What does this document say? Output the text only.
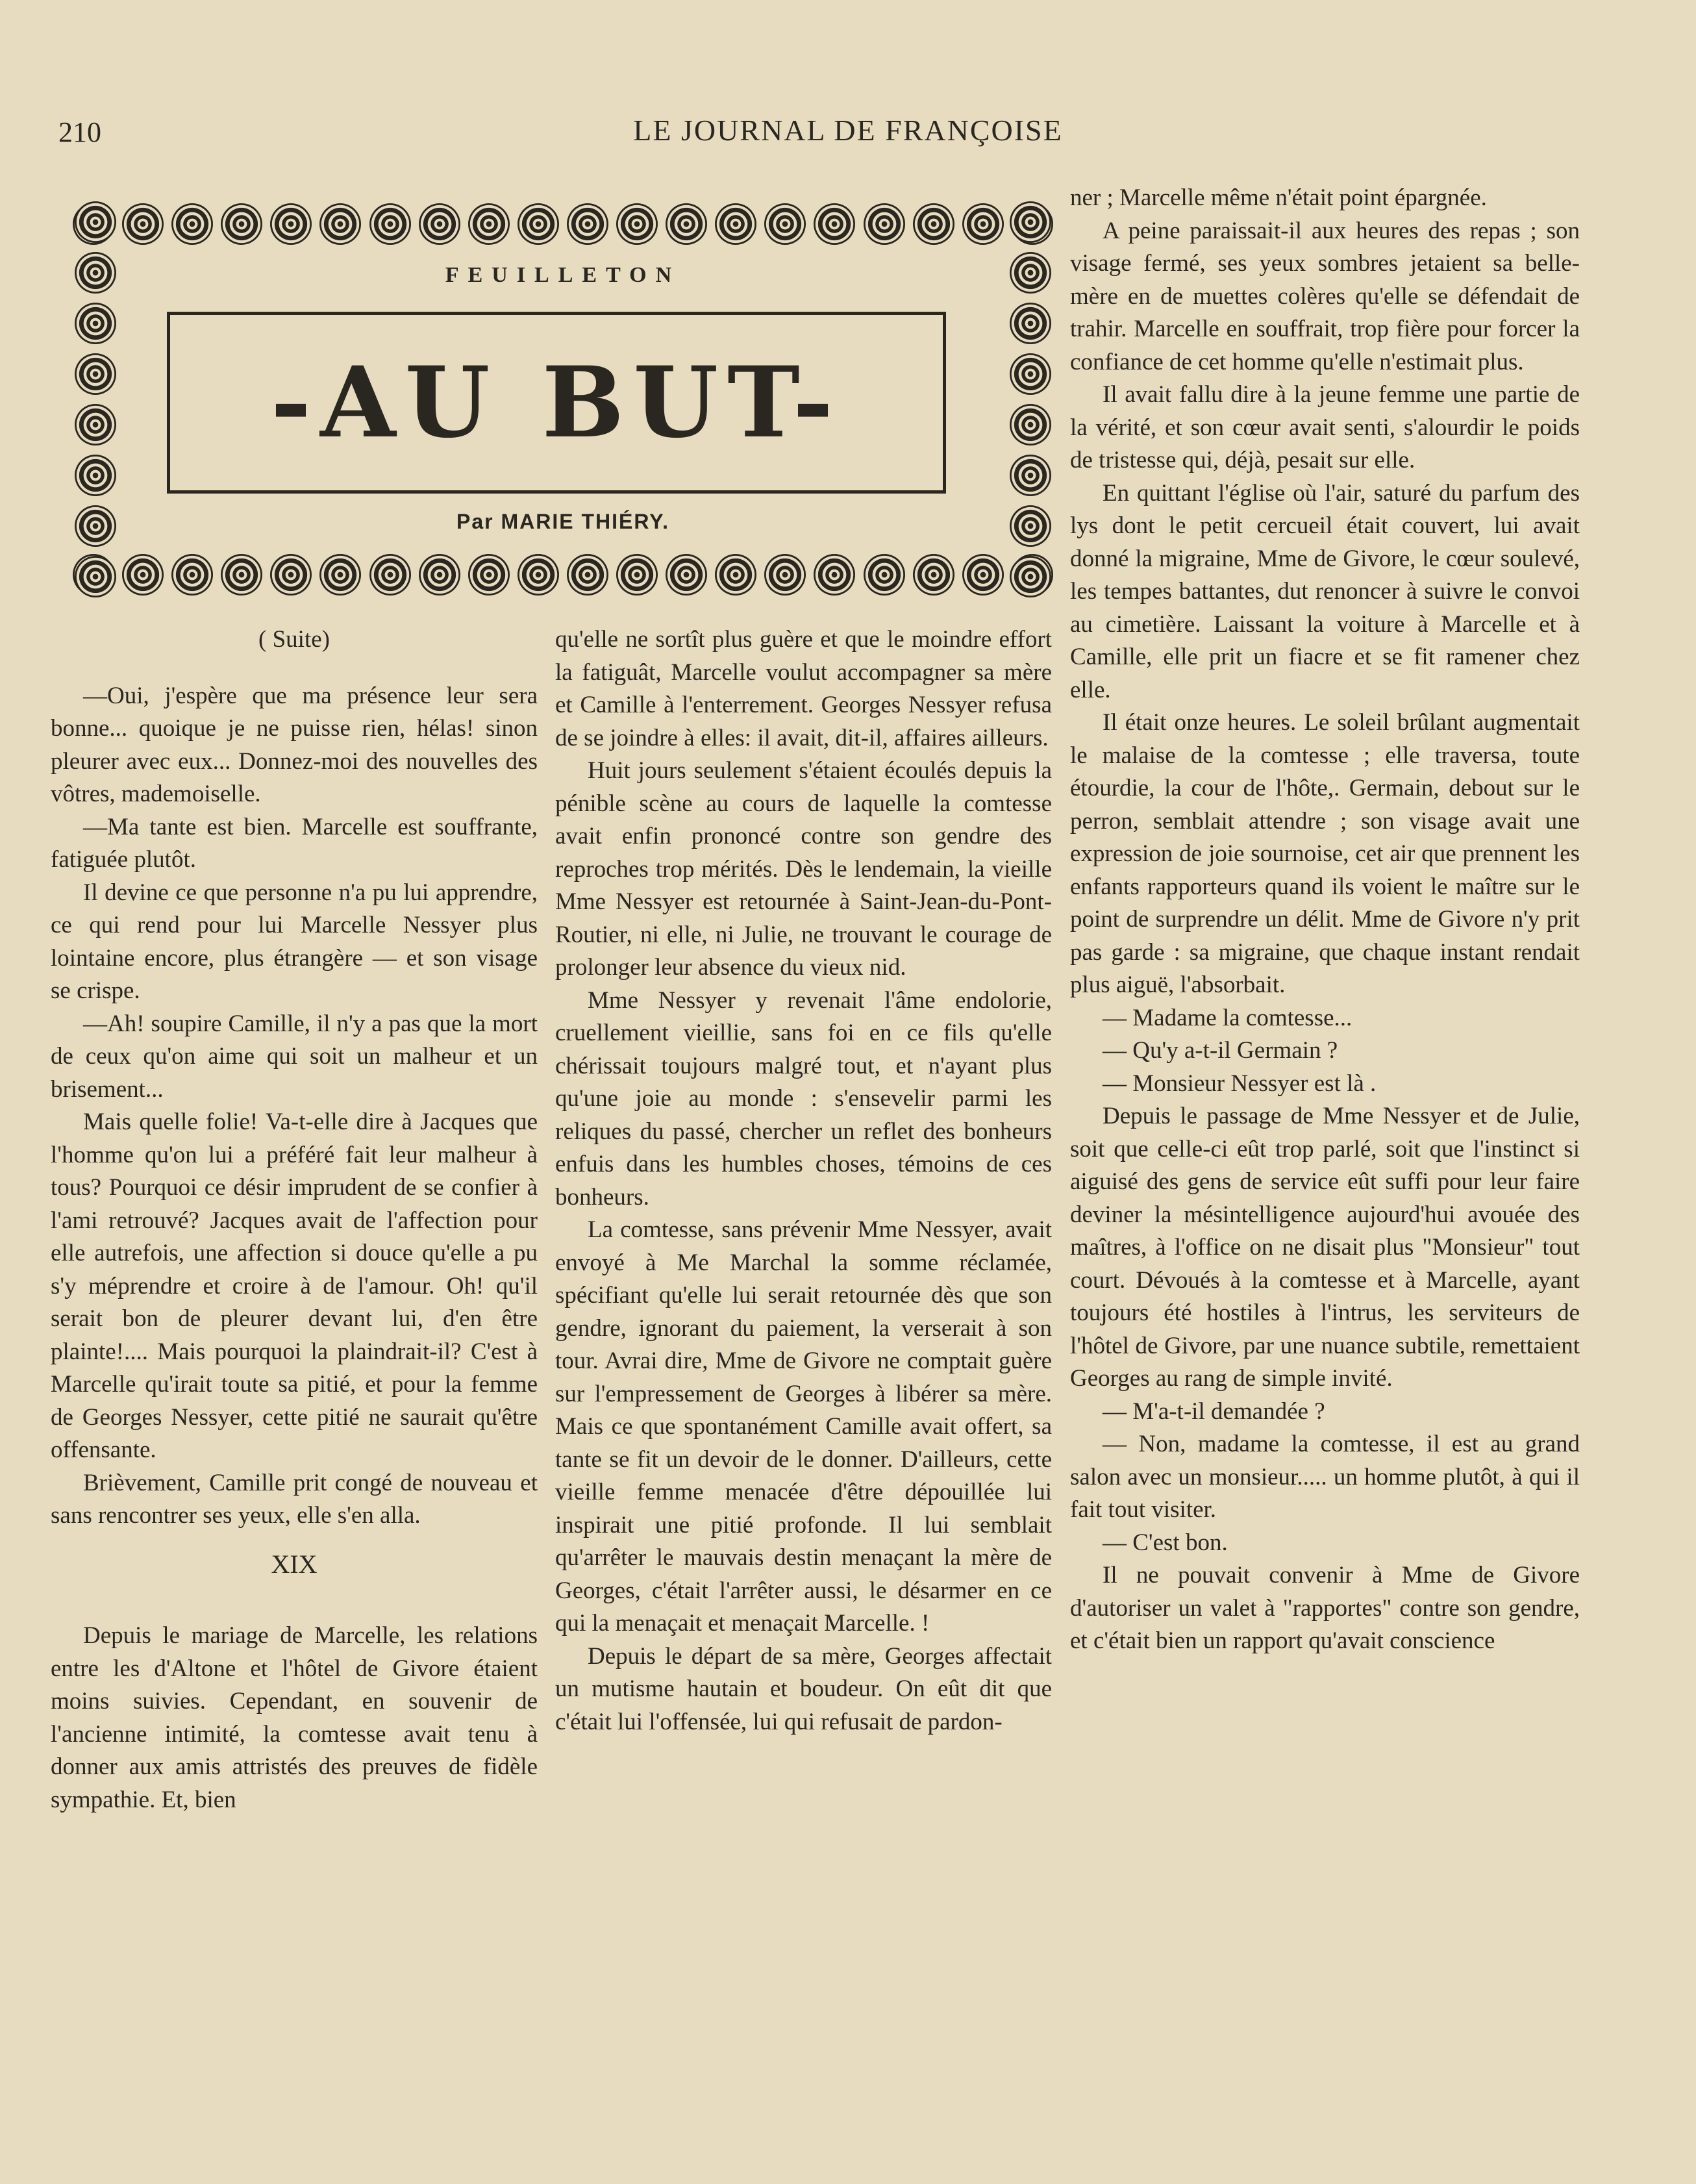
210	LE JOURNAL DE FRANÇOISE
FEUILLETON
-AU BUT-
Par MARIE THIÉRY.

( Suite)

—Oui, j'espère que ma présence leur sera bonne... quoique je ne puisse rien, hélas! sinon pleurer avec eux... Donnez-moi des nouvelles des vôtres, mademoiselle.

—Ma tante est bien. Marcelle est souffrante, fatiguée plutôt.

Il devine ce que personne n'a pu lui apprendre, ce qui rend pour lui Marcelle Nessyer plus lointaine encore, plus étrangère — et son visage se crispe.

—Ah! soupire Camille, il n'y a pas que la mort de ceux qu'on aime qui soit un malheur et un brisement...

Mais quelle folie! Va-t-elle dire à Jacques que l'homme qu'on lui a préféré fait leur malheur à tous? Pourquoi ce désir imprudent de se confier à l'ami retrouvé? Jacques avait de l'affection pour elle autrefois, une affection si douce qu'elle a pu s'y méprendre et croire à de l'amour. Oh! qu'il serait bon de pleurer devant lui, d'en être plainte!.... Mais pourquoi la plaindrait-il? C'est à Marcelle qu'irait toute sa pitié, et pour la femme de Georges Nessyer, cette pitié ne saurait qu'être offensante.

Brièvement, Camille prit congé de nouveau et sans rencontrer ses yeux, elle s'en alla.

XIX

Depuis le mariage de Marcelle, les relations entre les d'Altone et l'hôtel de Givore étaient moins suivies. Cependant, en souvenir de l'ancienne intimité, la comtesse avait tenu à donner aux amis attristés des preuves de fidèle sympathie. Et, bien

qu'elle ne sortît plus guère et que le moindre effort la fatiguât, Marcelle voulut accompagner sa mère et Camille à l'enterrement. Georges Nessyer refusa de se joindre à elles: il avait, dit-il, affaires ailleurs.

Huit jours seulement s'étaient écoulés depuis la pénible scène au cours de laquelle la comtesse avait enfin prononcé contre son gendre des reproches trop mérités. Dès le lendemain, la vieille Mme Nessyer est retournée à Saint-Jean-du-Pont-Routier, ni elle, ni Julie, ne trouvant le courage de prolonger leur absence du vieux nid.

Mme Nessyer y revenait l'âme endolorie, cruellement vieillie, sans foi en ce fils qu'elle chérissait toujours malgré tout, et n'ayant plus qu'une joie au monde : s'ensevelir parmi les reliques du passé, chercher un reflet des bonheurs enfuis dans les humbles choses, témoins de ces bonheurs.

La comtesse, sans prévenir Mme Nessyer, avait envoyé à Me Marchal la somme réclamée, spécifiant qu'elle lui serait retournée dès que son gendre, ignorant du paiement, la verserait à son tour. Avrai dire, Mme de Givore ne comptait guère sur l'empressement de Georges à libérer sa mère. Mais ce que spontanément Camille avait offert, sa tante se fit un devoir de le donner. D'ailleurs, cette vieille femme menacée d'être dépouillée lui inspirait une pitié profonde. Il lui semblait qu'arrêter le mauvais destin menaçant la mère de Georges, c'était l'arrêter aussi, le désarmer en ce qui la menaçait et menaçait Marcelle. !

Depuis le départ de sa mère, Georges affectait un mutisme hautain et boudeur. On eût dit que c'était lui l'offensée, lui qui refusait de pardon-

ner ; Marcelle même n'était point épargnée.

A peine paraissait-il aux heures des repas ; son visage fermé, ses yeux sombres jetaient sa belle-mère en de muettes colères qu'elle se défendait de trahir. Marcelle en souffrait, trop fière pour forcer la confiance de cet homme qu'elle n'estimait plus.

Il avait fallu dire à la jeune femme une partie de la vérité, et son cœur avait senti, s'alourdir le poids de tristesse qui, déjà, pesait sur elle.

En quittant l'église où l'air, saturé du parfum des lys dont le petit cercueil était couvert, lui avait donné la migraine, Mme de Givore, le cœur soulevé, les tempes battantes, dut renoncer à suivre le convoi au cimetière. Laissant la voiture à Marcelle et à Camille, elle prit un fiacre et se fit ramener chez elle.

Il était onze heures. Le soleil brûlant augmentait le malaise de la comtesse ; elle traversa, toute étourdie, la cour de l'hôte,. Germain, debout sur le perron, semblait attendre ; son visage avait une expression de joie sournoise, cet air que prennent les enfants rapporteurs quand ils voient le maître sur le point de surprendre un délit. Mme de Givore n'y prit pas garde : sa migraine, que chaque instant rendait plus aiguë, l'absorbait.

— Madame la comtesse...

— Qu'y a-t-il Germain ?

— Monsieur Nessyer est là .

Depuis le passage de Mme Nessyer et de Julie, soit que celle-ci eût trop parlé, soit que l'instinct si aiguisé des gens de service eût suffi pour leur faire deviner la mésintelligence aujourd'hui avouée des maîtres, à l'office on ne disait plus "Monsieur" tout court. Dévoués à la comtesse et à Marcelle, ayant toujours été hostiles à l'intrus, les serviteurs de l'hôtel de Givore, par une nuance subtile, remettaient Georges au rang de simple invité.

— M'a-t-il demandée ?

— Non, madame la comtesse, il est au grand salon avec un monsieur..... un homme plutôt, à qui il fait tout visiter.

— C'est bon.

Il ne pouvait convenir à Mme de Givore d'autoriser un valet à "rapportes" contre son gendre, et c'était bien un rapport qu'avait conscience
